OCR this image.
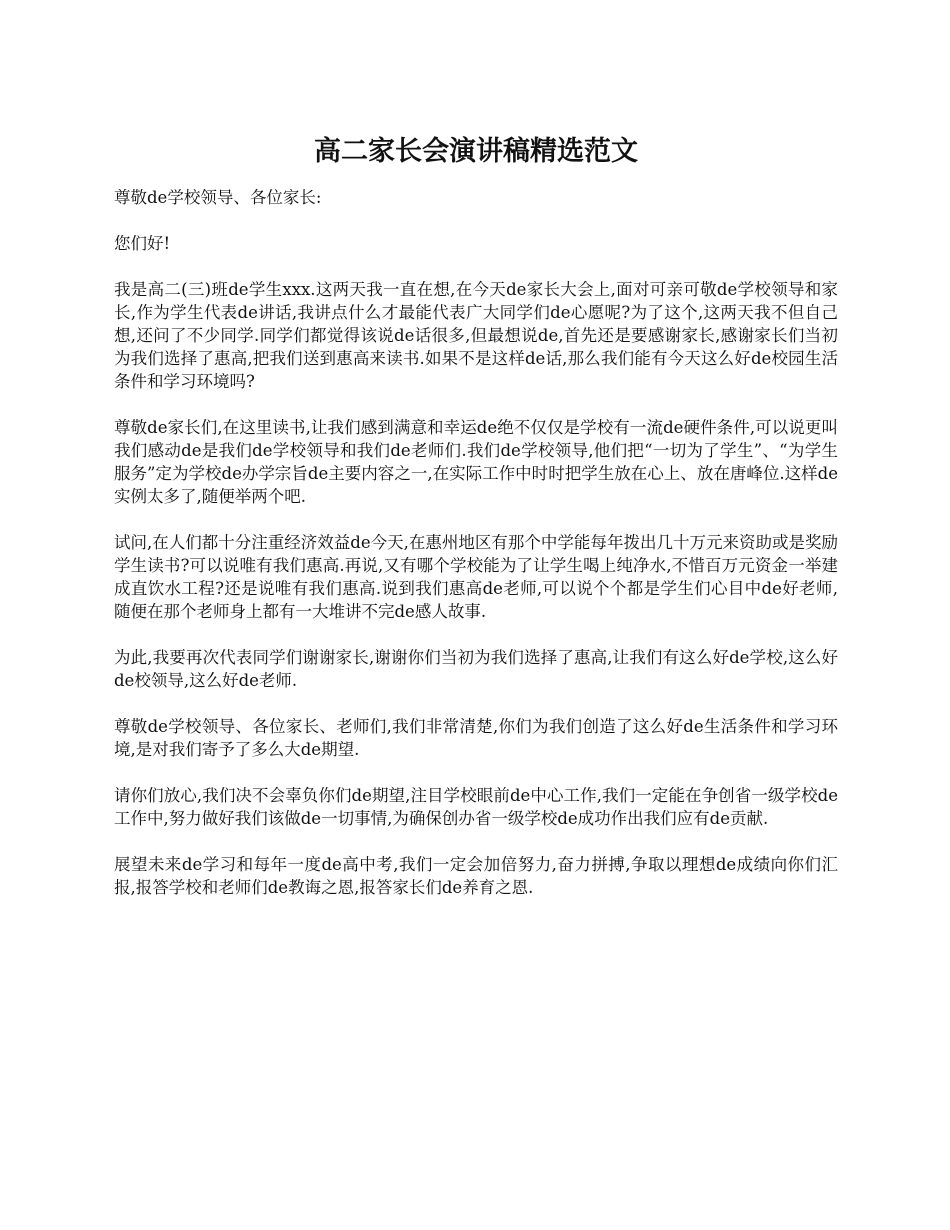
高二家长会演讲稿精选范文

尊敬de学校领导、各位家长:

您们好!

我是高二(三)班de学生xxx.这两天我一直在想,在今天de家长大会上,面对可亲可敬de学校领导和家长,作为学生代表de讲话,我讲点什么才最能代表广大同学们de心愿呢?为了这个,这两天我不但自己想,还问了不少同学.同学们都觉得该说de话很多,但最想说de,首先还是要感谢家长,感谢家长们当初为我们选择了惠高,把我们送到惠高来读书.如果不是这样de话,那么我们能有今天这么好de校园生活条件和学习环境吗?

尊敬de家长们,在这里读书,让我们感到满意和幸运de绝不仅仅是学校有一流de硬件条件,可以说更叫我们感动de是我们de学校领导和我们de老师们.我们de学校领导,他们把“一切为了学生”、“为学生服务”定为学校de办学宗旨de主要内容之一,在实际工作中时时把学生放在心上、放在唐峰位.这样de实例太多了,随便举两个吧.

试问,在人们都十分注重经济效益de今天,在惠州地区有那个中学能每年拨出几十万元来资助或是奖励学生读书?可以说唯有我们惠高.再说,又有哪个学校能为了让学生喝上纯净水,不惜百万元资金一举建成直饮水工程?还是说唯有我们惠高.说到我们惠高de老师,可以说个个都是学生们心目中de好老师,随便在那个老师身上都有一大堆讲不完de感人故事.

为此,我要再次代表同学们谢谢家长,谢谢你们当初为我们选择了惠高,让我们有这么好de学校,这么好de校领导,这么好de老师.

尊敬de学校领导、各位家长、老师们,我们非常清楚,你们为我们创造了这么好de生活条件和学习环境,是对我们寄予了多么大de期望.

请你们放心,我们决不会辜负你们de期望,注目学校眼前de中心工作,我们一定能在争创省一级学校de工作中,努力做好我们该做de一切事情,为确保创办省一级学校de成功作出我们应有de贡献.

展望未来de学习和每年一度de高中考,我们一定会加倍努力,奋力拼搏,争取以理想de成绩向你们汇报,报答学校和老师们de教诲之恩,报答家长们de养育之恩.
